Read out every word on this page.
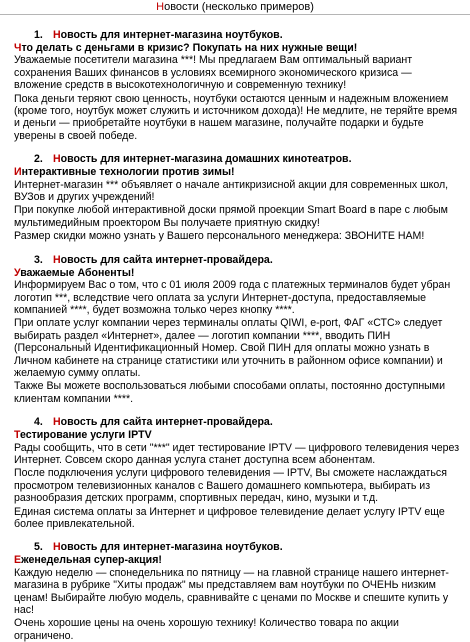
Новости (несколько примеров)
1. Новость для интернет-магазина ноутбуков.
Что делать с деньгами в кризис? Покупать на них нужные вещи!

Уважаемые посетители магазина ***! Мы предлагаем Вам оптимальный вариант сохранения Ваших финансов в условиях всемирного экономического кризиса — вложение средств в высокотехнологичную и современную технику!

Пока деньги теряют свою ценность, ноутбуки остаются ценным и надежным вложением (кроме того, ноутбук может служить и источником дохода)! Не медлите, не теряйте время и деньги — приобретайте ноутбуки в нашем магазине, получайте подарки и будьте уверены в своей победе.

2. Новость для интернет-магазина домашних кинотеатров.
Интерактивные технологии против зимы!

Интернет-магазин *** объявляет о начале антикризисной акции для современных школ, ВУЗов и других учреждений!

При покупке любой интерактивной доски прямой проекции Smart Board в паре с любым мультимедийным проектором Вы получаете приятную скидку!

Размер скидки можно узнать у Вашего персонального менеджера: ЗВОНИТЕ НАМ!

3. Новость для сайта интернет-провайдера.
Уважаемые Абоненты!

Информируем Вас о том, что с 01 июля 2009 года с платежных терминалов будет убран логотип ***, вследствие чего оплата за услуги Интернет-доступа, предоставляемые компанией ****, будет возможна только через кнопку ****.

При оплате услуг компании через терминалы оплаты QIWI, e-port, ФАГ «СТС» следует выбирать раздел «Интернет», далее — логотип компании ****, вводить ПИН (Персональный Идентификационный Номер. Свой ПИН для оплаты можно узнать в Личном кабинете на странице статистики или уточнить в районном офисе компании) и желаемую сумму оплаты.

Также Вы можете воспользоваться любыми способами оплаты, постоянно доступными клиентам компании ****.

4. Новость для сайта интернет-провайдера.
Тестирование услуги IPTV

Рады сообщить, что в сети "***" идет тестирование IPTV — цифрового телевидения через Интернет. Совсем скоро данная услуга станет доступна всем абонентам.

После подключения услуги цифрового телевидения — IPTV, Вы сможете наслаждаться просмотром телевизионных каналов с Вашего домашнего компьютера, выбирать из разнообразия детских программ, спортивных передач, кино, музыки и т.д.

Единая система оплаты за Интернет и цифровое телевидение делает услугу IPTV еще более привлекательной.

5. Новость для интернет-магазина ноутбуков.
Еженедельная супер-акция!

Каждую неделю — спонедельника по пятницу — на главной странице нашего интернет-магазина в рубрике "Хиты продаж" мы представляем вам ноутбуки по ОЧЕНЬ низким ценам! Выбирайте любую модель, сравнивайте с ценами по Москве и спешите купить у нас!

Очень хорошие цены на очень хорошую технику! Количество товара по акции ограничено.
